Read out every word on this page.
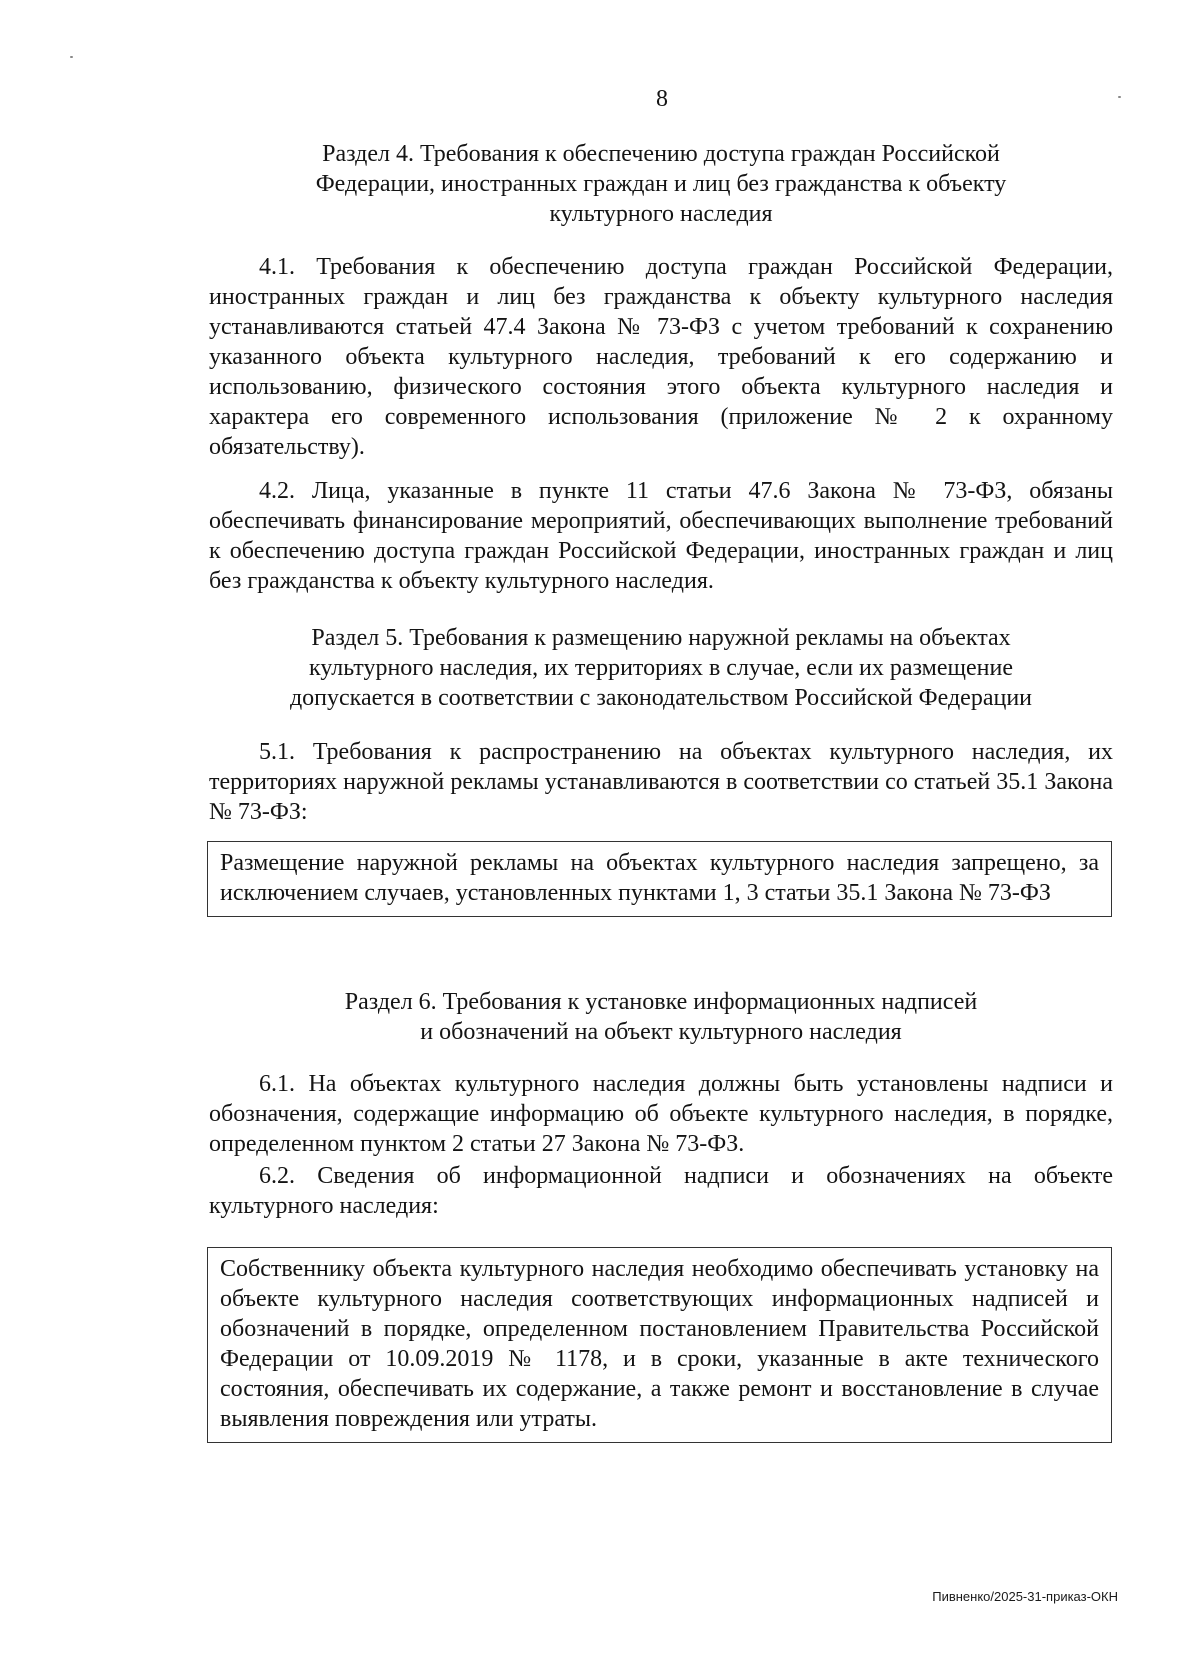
8
Раздел 4. Требования к обеспечению доступа граждан Российской
Федерации, иностранных граждан и лиц без гражданства к объекту
культурного наследия

4.1. Требования к обеспечению доступа граждан Российской Федерации, иностранных граждан и лиц без гражданства к объекту культурного наследия устанавливаются статьей 47.4 Закона № 73-ФЗ с учетом требований к сохранению указанного объекта культурного наследия, требований к его содержанию и использованию, физического состояния этого объекта культурного наследия и характера его современного использования (приложение № 2 к охранному обязательству).

4.2. Лица, указанные в пункте 11 статьи 47.6 Закона № 73-ФЗ, обязаны обеспечивать финансирование мероприятий, обеспечивающих выполнение требований к обеспечению доступа граждан Российской Федерации, иностранных граждан и лиц без гражданства к объекту культурного наследия.

Раздел 5. Требования к размещению наружной рекламы на объектах
культурного наследия, их территориях в случае, если их размещение
допускается в соответствии с законодательством Российской Федерации

5.1. Требования к распространению на объектах культурного наследия, их территориях наружной рекламы устанавливаются в соответствии со статьей 35.1 Закона № 73-ФЗ:

Размещение наружной рекламы на объектах культурного наследия запрещено, за исключением случаев, установленных пунктами 1, 3 статьи 35.1 Закона № 73-ФЗ
Раздел 6. Требования к установке информационных надписей
и обозначений на объект культурного наследия

6.1. На объектах культурного наследия должны быть установлены надписи и обозначения, содержащие информацию об объекте культурного наследия, в порядке, определенном пунктом 2 статьи 27 Закона № 73-ФЗ.

6.2. Сведения об информационной надписи и обозначениях на объекте культурного наследия:

Собственнику объекта культурного наследия необходимо обеспечивать установку на объекте культурного наследия соответствующих информационных надписей и обозначений в порядке, определенном постановлением Правительства Российской Федерации от 10.09.2019 № 1178, и в сроки, указанные в акте технического состояния, обеспечивать их содержание, а также ремонт и восстановление в случае выявления повреждения или утраты.
Пивненко/2025-31-приказ-ОКН
